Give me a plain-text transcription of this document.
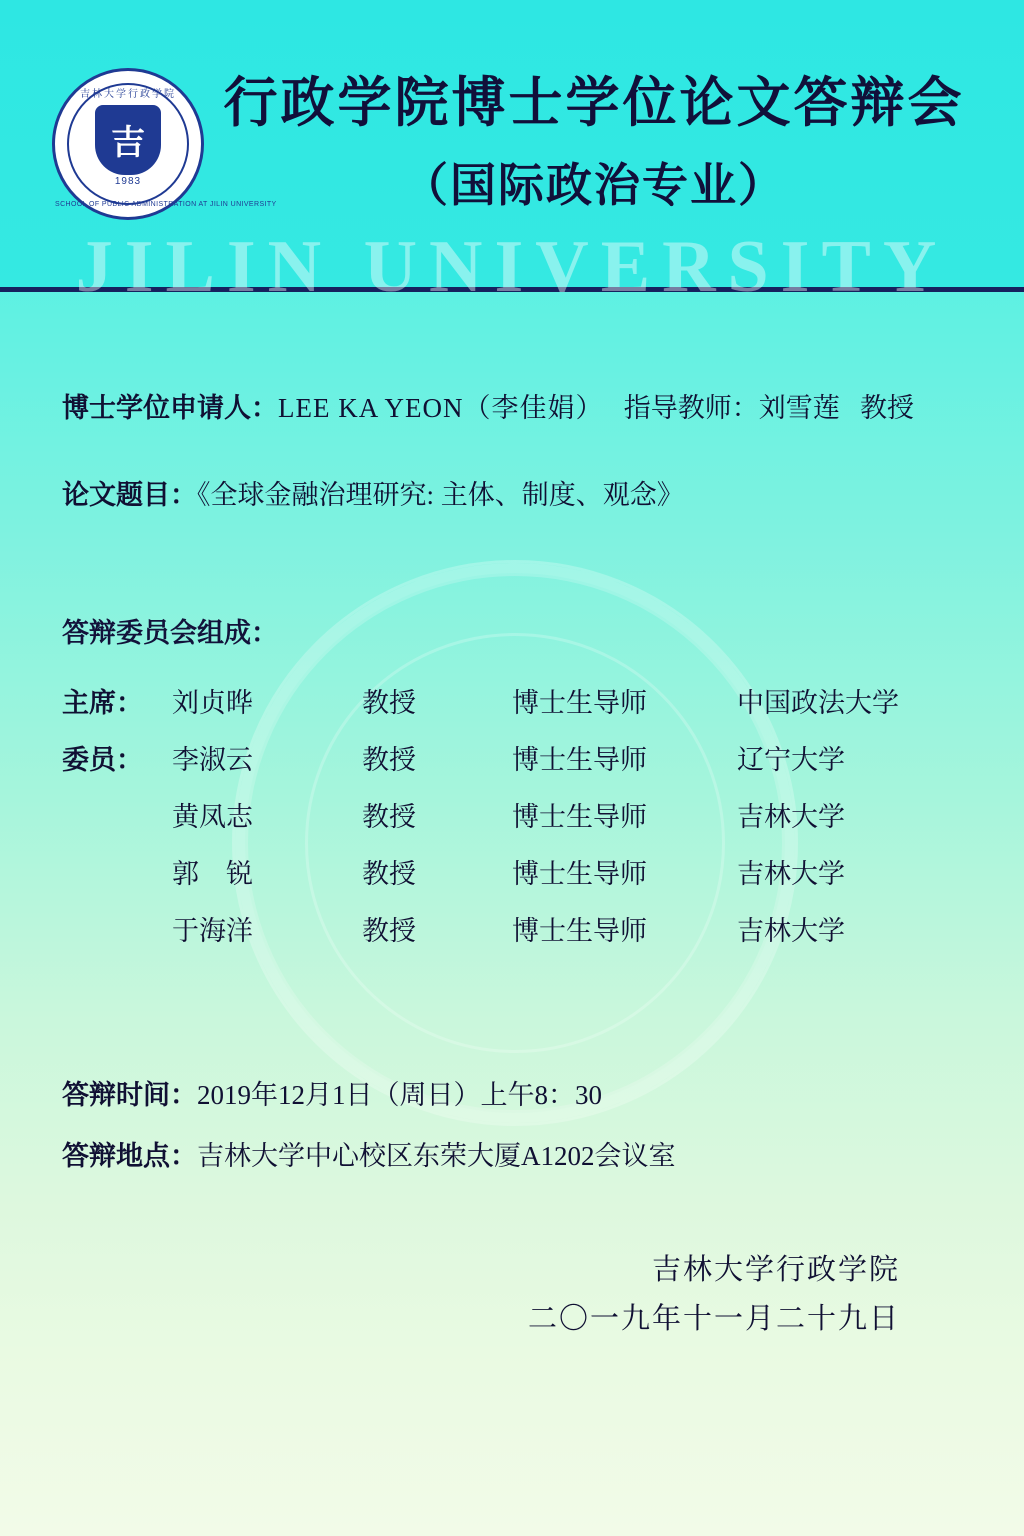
吉林大学行政学院
吉
1983
SCHOOL OF PUBLIC ADMINISTRATION AT JILIN UNIVERSITY
行政学院博士学位论文答辩会
（国际政治专业）
JILIN UNIVERSITY
博士学位申请人：LEE KA YEON（李佳娟） 指导教师：刘雪莲 教授
论文题目：《全球金融治理研究: 主体、制度、观念》
答辩委员会组成：
主席：	刘贞晔	教授	博士生导师	中国政法大学
委员：	李淑云	教授	博士生导师	辽宁大学
	黄凤志	教授	博士生导师	吉林大学
	郭　锐	教授	博士生导师	吉林大学
	于海洋	教授	博士生导师	吉林大学
答辩时间：2019年12月1日（周日）上午8：30
答辩地点：吉林大学中心校区东荣大厦A1202会议室
吉林大学行政学院
二〇一九年十一月二十九日
